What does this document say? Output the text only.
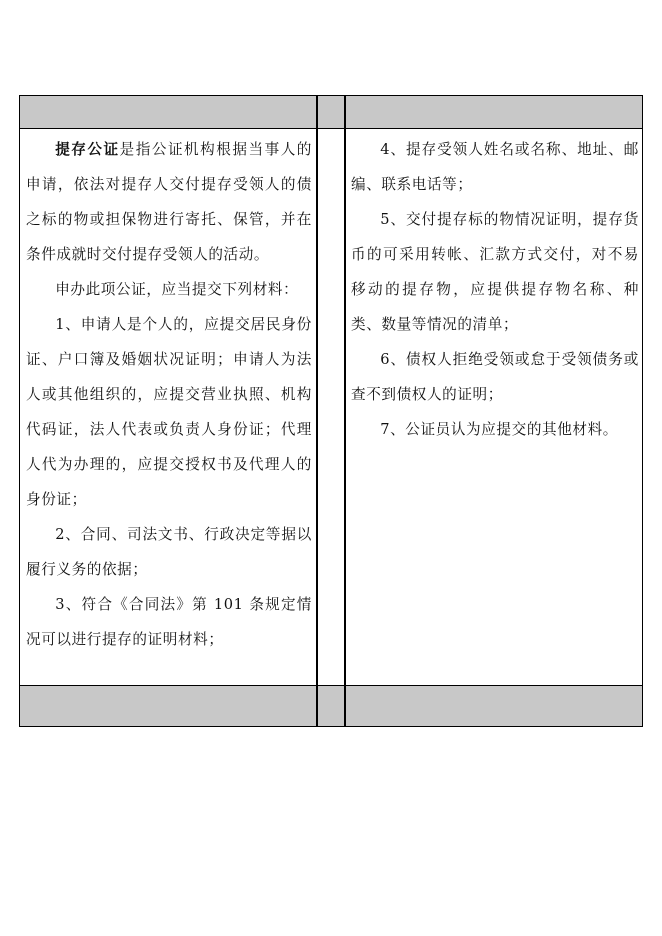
提存公证是指公证机构根据当事人的申请，依法对提存人交付提存受领人的债之标的物或担保物进行寄托、保管，并在条件成就时交付提存受领人的活动。

申办此项公证，应当提交下列材料：

1、申请人是个人的，应提交居民身份证、户口簿及婚姻状况证明；申请人为法人或其他组织的，应提交营业执照、机构代码证，法人代表或负责人身份证；代理人代为办理的，应提交授权书及代理人的身份证；

2、合同、司法文书、行政决定等据以履行义务的依据；

3、符合《合同法》第 101 条规定情况可以进行提存的证明材料；

4、提存受领人姓名或名称、地址、邮编、联系电话等；

5、交付提存标的物情况证明，提存货币的可采用转帐、汇款方式交付，对不易移动的提存物，应提供提存物名称、种类、数量等情况的清单；

6、债权人拒绝受领或怠于受领债务或查不到债权人的证明；

7、公证员认为应提交的其他材料。
